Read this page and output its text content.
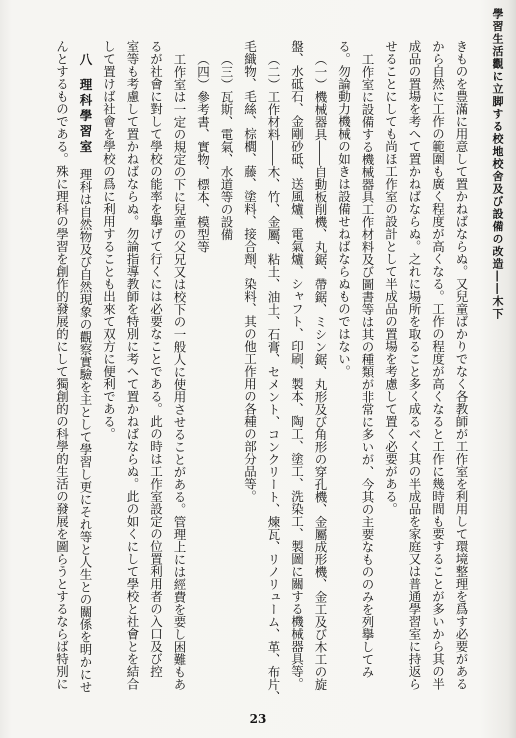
學習生活觀に立脚する校地校舍及び設備の改造――木下
きものを豊滿に用意して置かねばならぬ。又兒童ばかりでなく各教師が工作室を利用して環境整理を爲す必要がある
から自然に工作の範圍も廣く程度が高くなる。工作の程度が高くなると工作に幾時間も要することが多いから其の半
成品の置場を考へて置かねばならぬ。之れに場所を取ること多く成るべく其の半成品を家庭又は普通學習室に持返ら
せることにしても尚ほ工作室の設計として半成品の置場を考慮して置く必要がある。
工作室に設備する機械器具工作材料及び圖書等は其の種類が非常に多いが、今其の主要なもののみを列擧してみ
る。勿論動力機械の如きは設備せねばならぬものではない。
（一）機械器具――自動板削機、丸鋸、帶鋸、ミシン鋸、丸形及び角形の穿孔機、金屬成形機、金工及び木工の旋
盤、水砥石、金剛砂砥、送風爐、電氣爐、シャフト、印刷、製本、陶工、塗工、洗染工、製圖に關する機械器具等。
（二）工作材料――木、竹、金屬、粘土、油土、石膏、セメント、コンクリート、煉瓦、リノリューム、革、布片、
毛織物、毛絲、棕櫚、藤、塗料、接合劑、染料、其の他工作用の各種の部分品等。
（三）瓦斯、電氣、水道等の設備
（四）參考書、實物、標本、模型等
工作室は一定の規定の下に兒童の父兄又は校下の一般人に使用させることがある。管理上には經費を要し困難もあ
るが社會に對して學校の能率を擧げて行くには必要なことである。此の時は工作室設定の位置利用者の入口及び控
室等も考慮して置かねばならぬ。勿論指導教師を特別に考へて置かねばならぬ。此の如くにして學校と社會とを結合
して置けば社會を學校の爲に利用することも出來て双方に便利である。
八理科學習室理科は自然物及び自然現象の觀察實驗を主として學習し更にそれ等と人生との關係を明かにせ
んとするものである。殊に理科の學習を創作的發展的にして獨創的の科學的生活の發展を圖らうとするならば特別に
23
